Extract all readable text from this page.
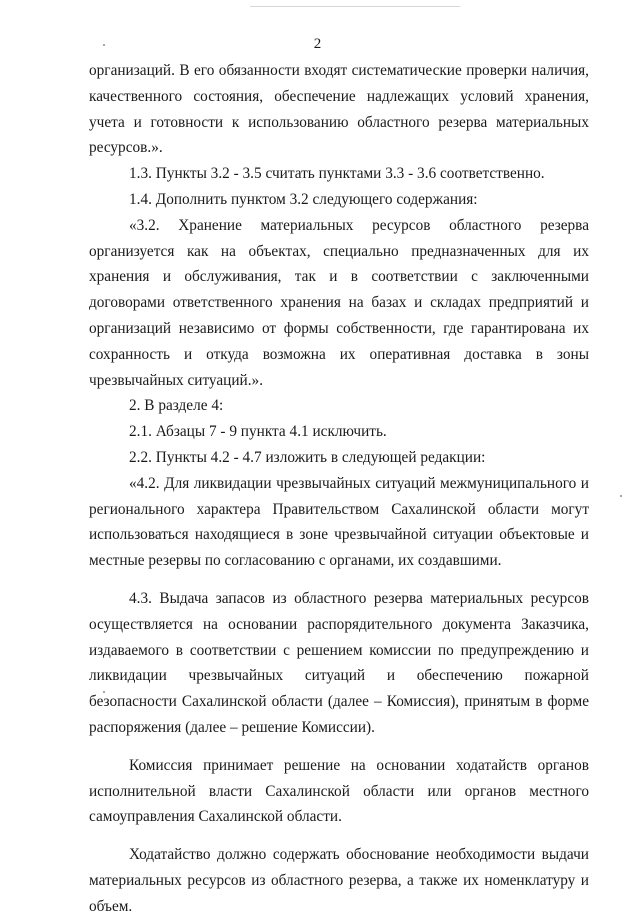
2

организаций. В его обязанности входят систематические проверки наличия, качественного состояния, обеспечение надлежащих условий хранения, учета и готовности к использованию областного резерва материальных ресурсов.».

1.3. Пункты 3.2 - 3.5 считать пунктами 3.3 - 3.6 соответственно.

1.4. Дополнить пунктом 3.2 следующего содержания:

«3.2. Хранение материальных ресурсов областного резерва организуется как на объектах, специально предназначенных для их хранения и обслуживания, так и в соответствии с заключенными договорами ответственного хранения на базах и складах предприятий и организаций независимо от формы собственности, где гарантирована их сохранность и откуда возможна их оперативная доставка в зоны чрезвычайных ситуаций.».

2. В разделе 4:

2.1. Абзацы 7 - 9 пункта 4.1 исключить.

2.2. Пункты 4.2 - 4.7 изложить в следующей редакции:

«4.2. Для ликвидации чрезвычайных ситуаций межмуниципального и регионального характера Правительством Сахалинской области могут использоваться находящиеся в зоне чрезвычайной ситуации объектовые и местные резервы по согласованию с органами, их создавшими.

4.3. Выдача запасов из областного резерва материальных ресурсов осуществляется на основании распорядительного документа Заказчика, издаваемого в соответствии с решением комиссии по предупреждению и ликвидации чрезвычайных ситуаций и обеспечению пожарной безопасности Сахалинской области (далее – Комиссия), принятым в форме распоряжения (далее – решение Комиссии).

Комиссия принимает решение на основании ходатайств органов исполнительной власти Сахалинской области или органов местного самоуправления Сахалинской области.

Ходатайство должно содержать обоснование необходимости выдачи материальных ресурсов из областного резерва, а также их номенклатуру и объем.
